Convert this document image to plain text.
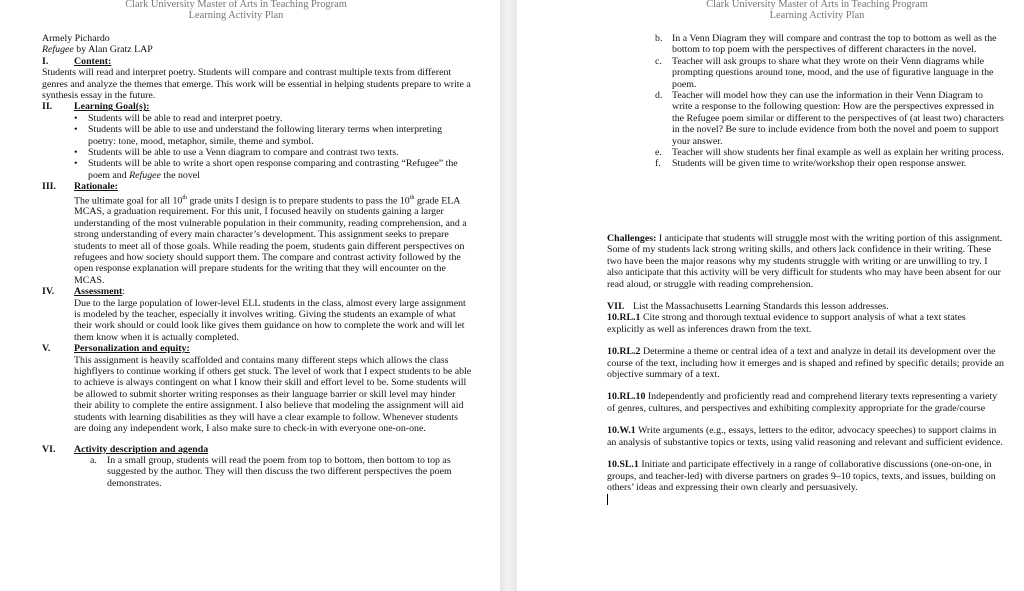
Clark University Master of Arts in Teaching Program
Learning Activity Plan

Armely Pichardo

Refugee by Alan Gratz LAP

I.	Content:

Students will read and interpret poetry. Students will compare and contrast multiple texts from different genres and analyze the themes that emerge. This work will be essential in helping students prepare to write a synthesis essay in the future.

II.	Learning Goal(s):
• Students will be able to read and interpret poetry.
• Students will be able to use and understand the following literary terms when interpreting poetry: tone, mood, metaphor, simile, theme and symbol.
• Students will be able to use a Venn diagram to compare and contrast two texts.
• Students will be able to write a short open response comparing and contrasting “Refugee” the poem and Refugee the novel
III.	Rationale:

The ultimate goal for all 10th grade units I design is to prepare students to pass the 10th grade ELA MCAS, a graduation requirement. For this unit, I focused heavily on students gaining a larger understanding of the most vulnerable population in their community, reading comprehension, and a strong understanding of every main character’s development. This assignment seeks to prepare students to meet all of those goals. While reading the poem, students gain different perspectives on refugees and how society should support them. The compare and contrast activity followed by the open response explanation will prepare students for the writing that they will encounter on the MCAS.

IV.	Assessment :

Due to the large population of lower-level ELL students in the class, almost every large assignment is modeled by the teacher, especially it involves writing. Giving the students an example of what their work should or could look like gives them guidance on how to complete the work and will let them know when it is actually completed.

V.	Personalization and equity:

This assignment is heavily scaffolded and contains many different steps which allows the class highflyers to continue working if others get stuck. The level of work that I expect students to be able to achieve is always contingent on what I know their skill and effort level to be. Some students will be allowed to submit shorter writing responses as their language barrier or skill level may hinder their ability to complete the entire assignment. I also believe that modeling the assignment will aid students with learning disabilities as they will have a clear example to follow. Whenever students are doing any independent work, I also make sure to check-in with everyone one-on-one.

VI.	Activity description and agenda
a. In a small group, students will read the poem from top to bottom, then bottom to top as suggested by the author. They will then discuss the two different perspectives the poem demonstrates.
Clark University Master of Arts in Teaching Program
Learning Activity Plan
b. In a Venn Diagram they will compare and contrast the top to bottom as well as the bottom to top poem with the perspectives of different characters in the novel.
c. Teacher will ask groups to share what they wrote on their Venn diagrams while prompting questions around tone, mood, and the use of figurative language in the poem.
d. Teacher will model how they can use the information in their Venn Diagram to write a response to the following question: How are the perspectives expressed in the Refugee poem similar or different to the perspectives of (at least two) characters in the novel? Be sure to include evidence from both the novel and poem to support your answer.
e. Teacher will show students her final example as well as explain her writing process.
f. Students will be given time to write/workshop their open response answer.

Challenges: I anticipate that students will struggle most with the writing portion of this assignment. Some of my students lack strong writing skills, and others lack confidence in their writing. These two have been the major reasons why my students struggle with writing or are unwilling to try. I also anticipate that this activity will be very difficult for students who may have been absent for our read aloud, or struggle with reading comprehension.

VII. List the Massachusetts Learning Standards this lesson addresses.

10.RL.1 Cite strong and thorough textual evidence to support analysis of what a text states explicitly as well as inferences drawn from the text.

10.RL.2 Determine a theme or central idea of a text and analyze in detail its development over the course of the text, including how it emerges and is shaped and refined by specific details; provide an objective summary of a text.

10.RL.10 Independently and proficiently read and comprehend literary texts representing a variety of genres, cultures, and perspectives and exhibiting complexity appropriate for the grade/course

10.W.1 Write arguments (e.g., essays, letters to the editor, advocacy speeches) to support claims in an analysis of substantive topics or texts, using valid reasoning and relevant and sufficient evidence.

10.SL.1 Initiate and participate effectively in a range of collaborative discussions (one-on-one, in groups, and teacher-led) with diverse partners on grades 9–10 topics, texts, and issues, building on others’ ideas and expressing their own clearly and persuasively.
